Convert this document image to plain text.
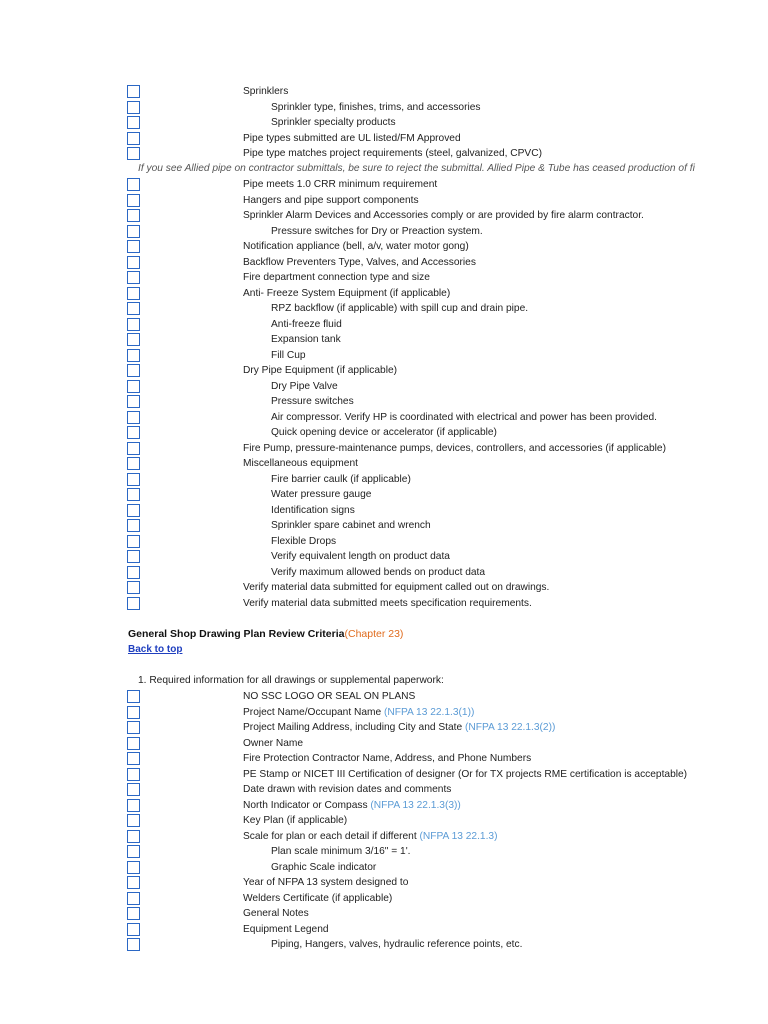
Sprinklers
Sprinkler type, finishes, trims, and accessories
Sprinkler specialty products
Pipe types submitted are UL listed/FM Approved
Pipe type matches project requirements (steel, galvanized, CPVC)
Pipe meets 1.0 CRR minimum requirement
Hangers and pipe support components
Sprinkler Alarm Devices and Accessories comply or are provided by fire alarm contractor.
Pressure switches for Dry or Preaction system.
Notification appliance (bell, a/v, water motor gong)
Backflow Preventers Type, Valves, and Accessories
Fire department connection type and size
Anti- Freeze System Equipment (if applicable)
RPZ backflow (if applicable) with spill cup and drain pipe.
Anti-freeze fluid
Expansion tank
Fill Cup
Dry Pipe Equipment (if applicable)
Dry Pipe Valve
Pressure switches
Air compressor. Verify HP is coordinated with electrical and power has been provided.
Quick opening device or accelerator (if applicable)
Fire Pump, pressure-maintenance pumps, devices, controllers, and accessories (if applicable)
Miscellaneous equipment
Fire barrier caulk (if applicable)
Water pressure gauge
Identification signs
Sprinkler spare cabinet and wrench
Flexible Drops
Verify equivalent length on product data
Verify maximum allowed bends on product data
Verify material data submitted for equipment called out on drawings.
Verify material data submitted meets specification requirements.
If you see Allied pipe on contractor submittals, be sure to reject the submittal. Allied Pipe & Tube has ceased production of fi
General Shop Drawing Plan Review Criteria(Chapter 23)
Back to top
1. Required information for all drawings or supplemental paperwork:
NO SSC LOGO OR SEAL ON PLANS
Project Name/Occupant Name (NFPA 13 22.1.3(1))
Project Mailing Address, including City and State (NFPA 13 22.1.3(2))
Owner Name
Fire Protection Contractor Name, Address, and Phone Numbers
PE Stamp or NICET III Certification of designer (Or for TX projects RME certification is acceptable)
Date drawn with revision dates and comments
North Indicator or Compass (NFPA 13 22.1.3(3))
Key Plan (if applicable)
Scale for plan or each detail if different (NFPA 13 22.1.3)
Plan scale minimum 3/16" = 1'.
Graphic Scale indicator
Year of NFPA 13 system designed to
Welders Certificate (if applicable)
General Notes
Equipment Legend
Piping, Hangers, valves, hydraulic reference points, etc.
